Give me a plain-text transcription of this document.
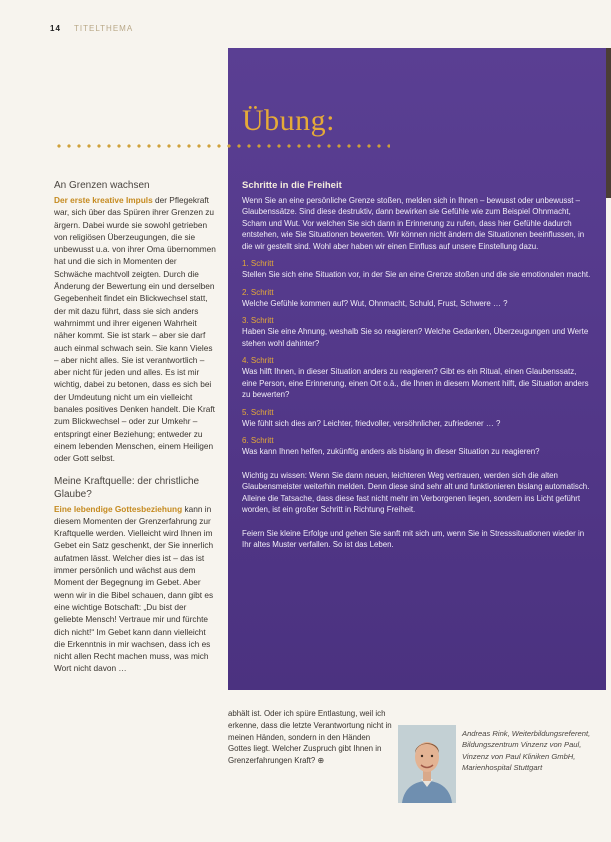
14 TITELTHEMA
Übung:
An Grenzen wachsen

Der erste kreative Impuls der Pflegekraft war, sich über das Spüren ihrer Grenzen zu ärgern. Dabei wurde sie sowohl getrieben von religiösen Überzeugungen, die sie unbewusst u.a. von ihrer Oma übernommen hat und die sich in Momenten der Schwäche machtvoll zeigten. Durch die Änderung der Bewertung ein und derselben Gegebenheit findet ein Blickwechsel statt, der mit dazu führt, dass sie sich anders wahrnimmt und ihrer eigenen Wahrheit näher kommt. Sie ist stark – aber sie darf auch einmal schwach sein. Sie kann Vieles – aber nicht alles. Sie ist verantwortlich – aber nicht für jeden und alles. Es ist mir wichtig, dabei zu betonen, dass es sich bei der Umdeutung nicht um ein vielleicht banales positives Denken handelt. Die Kraft zum Blickwechsel – oder zur Umkehr – entspringt einer Beziehung; entweder zu einem lebenden Menschen, einem Heiligen oder Gott selbst.

Meine Kraftquelle: der christliche Glaube?

Eine lebendige Gottesbeziehung kann in diesem Momenten der Grenzerfahrung zur Kraftquelle werden. Vielleicht wird Ihnen im Gebet ein Satz geschenkt, der Sie innerlich aufatmen lässt. Welcher dies ist – das ist immer persönlich und wächst aus dem Moment der Begegnung im Gebet. Aber wenn wir in die Bibel schauen, dann gibt es eine wichtige Botschaft: „Du bist der geliebte Mensch! Vertraue mir und fürchte dich nicht!“ Im Gebet kann dann vielleicht die Erkenntnis in mir wachsen, dass ich es nicht allen Recht machen muss, was mich Wort nicht davon …

Schritte in die Freiheit

Wenn Sie an eine persönliche Grenze stoßen, melden sich in Ihnen – bewusst oder unbewusst – Glaubenssätze. Sind diese destruktiv, dann bewirken sie Gefühle wie zum Beispiel Ohnmacht, Scham und Wut. Vor welchen Sie sich dann in Erinnerung zu rufen, dass hier Gefühle dadurch entstehen, wie Sie Situationen bewerten. Wir können nicht ändern die Situationen beeinflussen, in die wir gestellt sind. Wohl aber haben wir einen Einfluss auf unsere Einstellung dazu.

1. Schritt

Stellen Sie sich eine Situation vor, in der Sie an eine Grenze stoßen und die sie emotionalen macht.

2. Schritt

Welche Gefühle kommen auf? Wut, Ohnmacht, Schuld, Frust, Schwere … ?

3. Schritt

Haben Sie eine Ahnung, weshalb Sie so reagieren? Welche Gedanken, Überzeugungen und Werte stehen wohl dahinter?

4. Schritt

Was hilft Ihnen, in dieser Situation anders zu reagieren? Gibt es ein Ritual, einen Glaubenssatz, eine Person, eine Erinnerung, einen Ort o.ä., die Ihnen in diesem Moment hilft, die Situation anders zu bewerten?

5. Schritt

Wie fühlt sich dies an? Leichter, friedvoller, versöhnlicher, zufriedener … ?

6. Schritt

Was kann Ihnen helfen, zukünftig anders als bislang in dieser Situation zu reagieren?

Wichtig zu wissen: Wenn Sie dann neuen, leichteren Weg vertrauen, werden sich die alten Glaubensmeister weiterhin melden. Denn diese sind sehr alt und funktionieren bislang automatisch. Alleine die Tatsache, dass diese fast nicht mehr im Verborgenen liegen, sondern ins Licht geführt worden, ist ein großer Schritt in Richtung Freiheit.

Feiern Sie kleine Erfolge und gehen Sie sanft mit sich um, wenn Sie in Stresssituationen wieder in Ihr altes Muster verfallen. So ist das Leben.

abhält ist. Oder ich spüre Entlastung, weil ich erkenne, dass die letzte Verantwortung nicht in meinen Händen, sondern in den Händen Gottes liegt. Welcher Zuspruch gibt Ihnen in Grenzerfahrungen Kraft? ⊕

Andreas Rink, Weiterbildungsreferent, Bildungszentrum Vinzenz von Paul, Vinzenz von Paul Kliniken GmbH, Marienhospital Stuttgart
